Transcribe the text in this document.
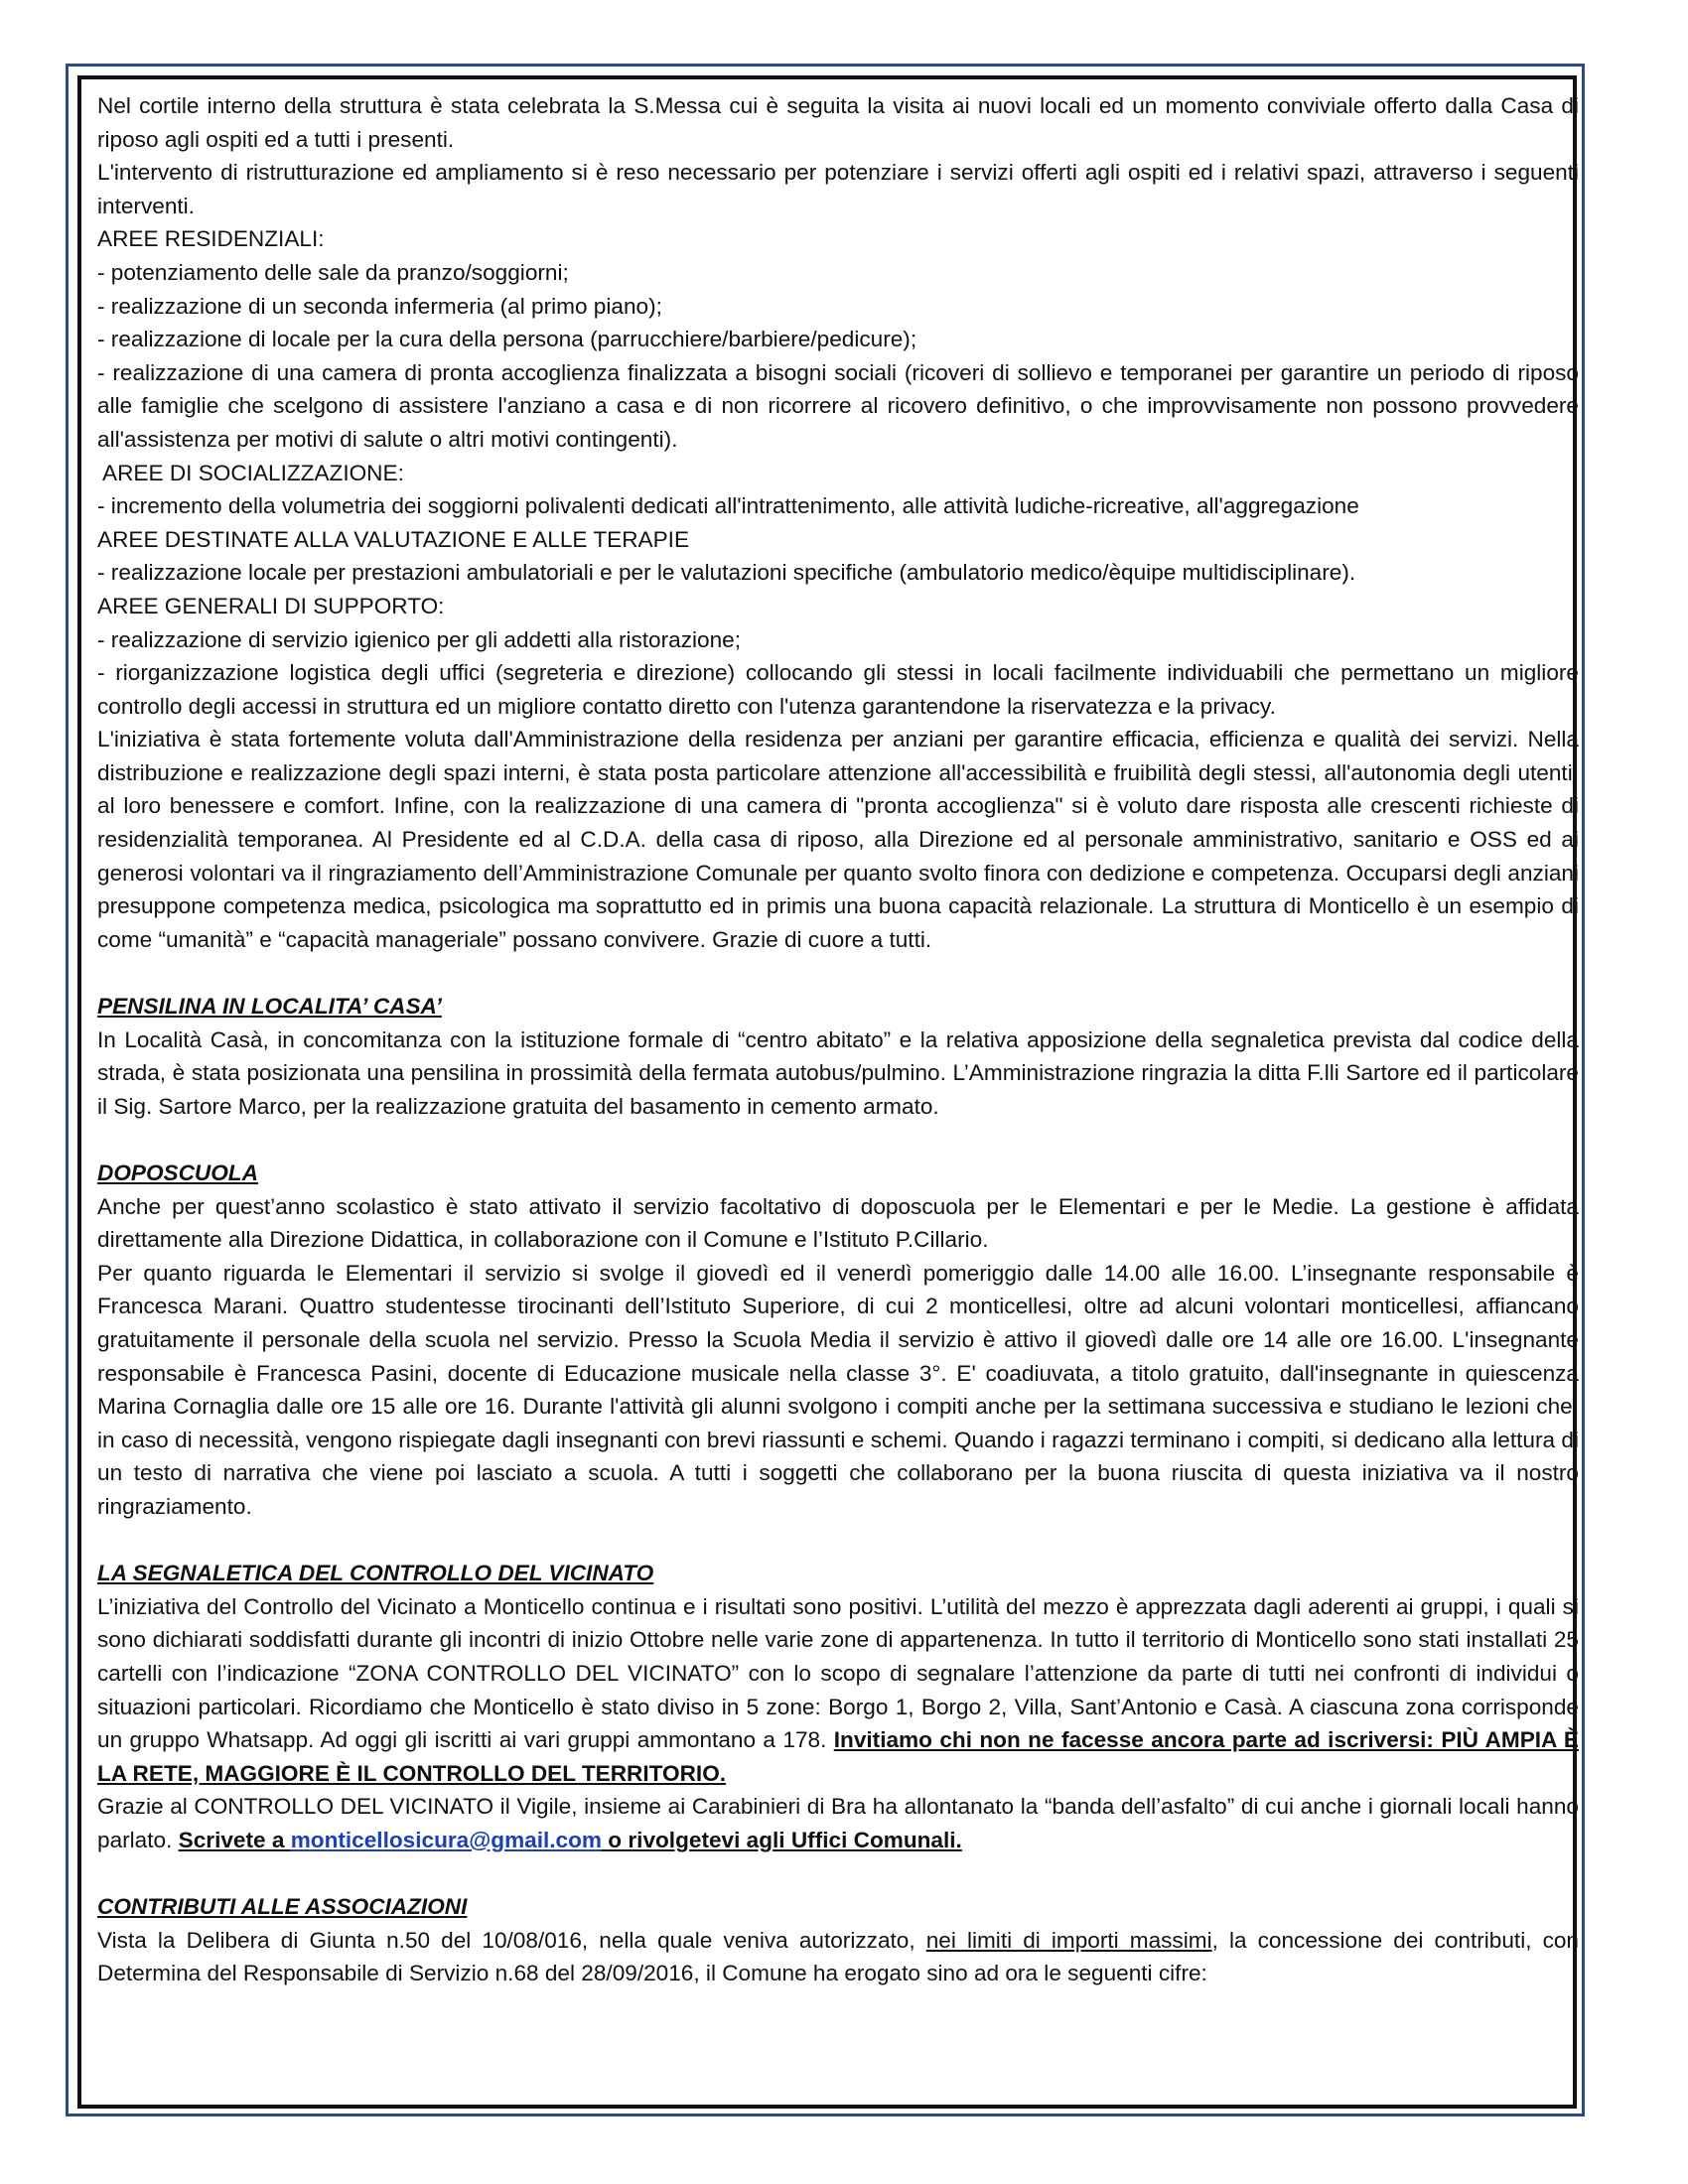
Nel cortile interno della struttura è stata celebrata la S.Messa cui è seguita la visita ai nuovi locali ed un momento conviviale offerto dalla Casa di riposo agli ospiti ed a tutti i presenti.

L'intervento di ristrutturazione ed ampliamento si è reso necessario per potenziare i servizi offerti agli ospiti ed i relativi spazi, attraverso i seguenti interventi.

AREE RESIDENZIALI:

- potenziamento delle sale da pranzo/soggiorni;

- realizzazione di un seconda infermeria (al primo piano);

- realizzazione di locale per la cura della persona (parrucchiere/barbiere/pedicure);

- realizzazione di una camera di pronta accoglienza finalizzata a bisogni sociali (ricoveri di sollievo e temporanei per garantire un periodo di riposo alle famiglie che scelgono di assistere l'anziano a casa e di non ricorrere al ricovero definitivo, o che improvvisamente non possono provvedere all'assistenza per motivi di salute o altri motivi contingenti).

AREE DI SOCIALIZZAZIONE:

- incremento della volumetria dei soggiorni polivalenti dedicati all'intrattenimento, alle attività ludiche-ricreative, all'aggregazione

AREE DESTINATE ALLA VALUTAZIONE E ALLE TERAPIE

- realizzazione locale per prestazioni ambulatoriali e per le valutazioni specifiche (ambulatorio medico/èquipe multidisciplinare).

AREE GENERALI DI SUPPORTO:

- realizzazione di servizio igienico per gli addetti alla ristorazione;

- riorganizzazione logistica degli uffici (segreteria e direzione) collocando gli stessi in locali facilmente individuabili che permettano un migliore controllo degli accessi in struttura ed un migliore contatto diretto con l'utenza garantendone la riservatezza e la privacy.

L'iniziativa è stata fortemente voluta dall'Amministrazione della residenza per anziani per garantire efficacia, efficienza e qualità dei servizi. Nella distribuzione e realizzazione degli spazi interni, è stata posta particolare attenzione all'accessibilità e fruibilità degli stessi, all'autonomia degli utenti, al loro benessere e comfort. Infine, con la realizzazione di una camera di "pronta accoglienza" si è voluto dare risposta alle crescenti richieste di residenzialità temporanea. Al Presidente ed al C.D.A. della casa di riposo, alla Direzione ed al personale amministrativo, sanitario e OSS ed ai generosi volontari va il ringraziamento dell’Amministrazione Comunale per quanto svolto finora con dedizione e competenza. Occuparsi degli anziani presuppone competenza medica, psicologica ma soprattutto ed in primis una buona capacità relazionale. La struttura di Monticello è un esempio di come “umanità” e “capacità manageriale” possano convivere. Grazie di cuore a tutti.

PENSILINA IN LOCALITA’ CASA’

In Località Casà, in concomitanza con la istituzione formale di “centro abitato” e la relativa apposizione della segnaletica prevista dal codice della strada, è stata posizionata una pensilina in prossimità della fermata autobus/pulmino. L’Amministrazione ringrazia la ditta F.lli Sartore ed il particolare il Sig. Sartore Marco, per la realizzazione gratuita del basamento in cemento armato.

DOPOSCUOLA

Anche per quest’anno scolastico è stato attivato il servizio facoltativo di doposcuola per le Elementari e per le Medie. La gestione è affidata direttamente alla Direzione Didattica, in collaborazione con il Comune e l’Istituto P.Cillario.

Per quanto riguarda le Elementari il servizio si svolge il giovedì ed il venerdì pomeriggio dalle 14.00 alle 16.00. L’insegnante responsabile è Francesca Marani. Quattro studentesse tirocinanti dell’Istituto Superiore, di cui 2 monticellesi, oltre ad alcuni volontari monticellesi, affiancano gratuitamente il personale della scuola nel servizio. Presso la Scuola Media il servizio è attivo il giovedì dalle ore 14 alle ore 16.00. L'insegnante responsabile è Francesca Pasini, docente di Educazione musicale nella classe 3°. E' coadiuvata, a titolo gratuito, dall'insegnante in quiescenza Marina Cornaglia dalle ore 15 alle ore 16. Durante l'attività gli alunni svolgono i compiti anche per la settimana successiva e studiano le lezioni che, in caso di necessità, vengono rispiegate dagli insegnanti con brevi riassunti e schemi. Quando i ragazzi terminano i compiti, si dedicano alla lettura di un testo di narrativa che viene poi lasciato a scuola. A tutti i soggetti che collaborano per la buona riuscita di questa iniziativa va il nostro ringraziamento.

LA SEGNALETICA DEL CONTROLLO DEL VICINATO

L’iniziativa del Controllo del Vicinato a Monticello continua e i risultati sono positivi. L’utilità del mezzo è apprezzata dagli aderenti ai gruppi, i quali si sono dichiarati soddisfatti durante gli incontri di inizio Ottobre nelle varie zone di appartenenza. In tutto il territorio di Monticello sono stati installati 25 cartelli con l’indicazione “ZONA CONTROLLO DEL VICINATO” con lo scopo di segnalare l’attenzione da parte di tutti nei confronti di individui o situazioni particolari. Ricordiamo che Monticello è stato diviso in 5 zone: Borgo 1, Borgo 2, Villa, Sant’Antonio e Casà. A ciascuna zona corrisponde un gruppo Whatsapp. Ad oggi gli iscritti ai vari gruppi ammontano a 178. Invitiamo chi non ne facesse ancora parte ad iscriversi: PIÙ AMPIA È LA RETE, MAGGIORE È IL CONTROLLO DEL TERRITORIO.

Grazie al CONTROLLO DEL VICINATO il Vigile, insieme ai Carabinieri di Bra ha allontanato la “banda dell’asfalto” di cui anche i giornali locali hanno parlato. Scrivete a monticellosicura@gmail.com o rivolgetevi agli Uffici Comunali.

CONTRIBUTI ALLE ASSOCIAZIONI

Vista la Delibera di Giunta n.50 del 10/08/016, nella quale veniva autorizzato, nei limiti di importi massimi, la concessione dei contributi, con Determina del Responsabile di Servizio n.68 del 28/09/2016, il Comune ha erogato sino ad ora le seguenti cifre:
